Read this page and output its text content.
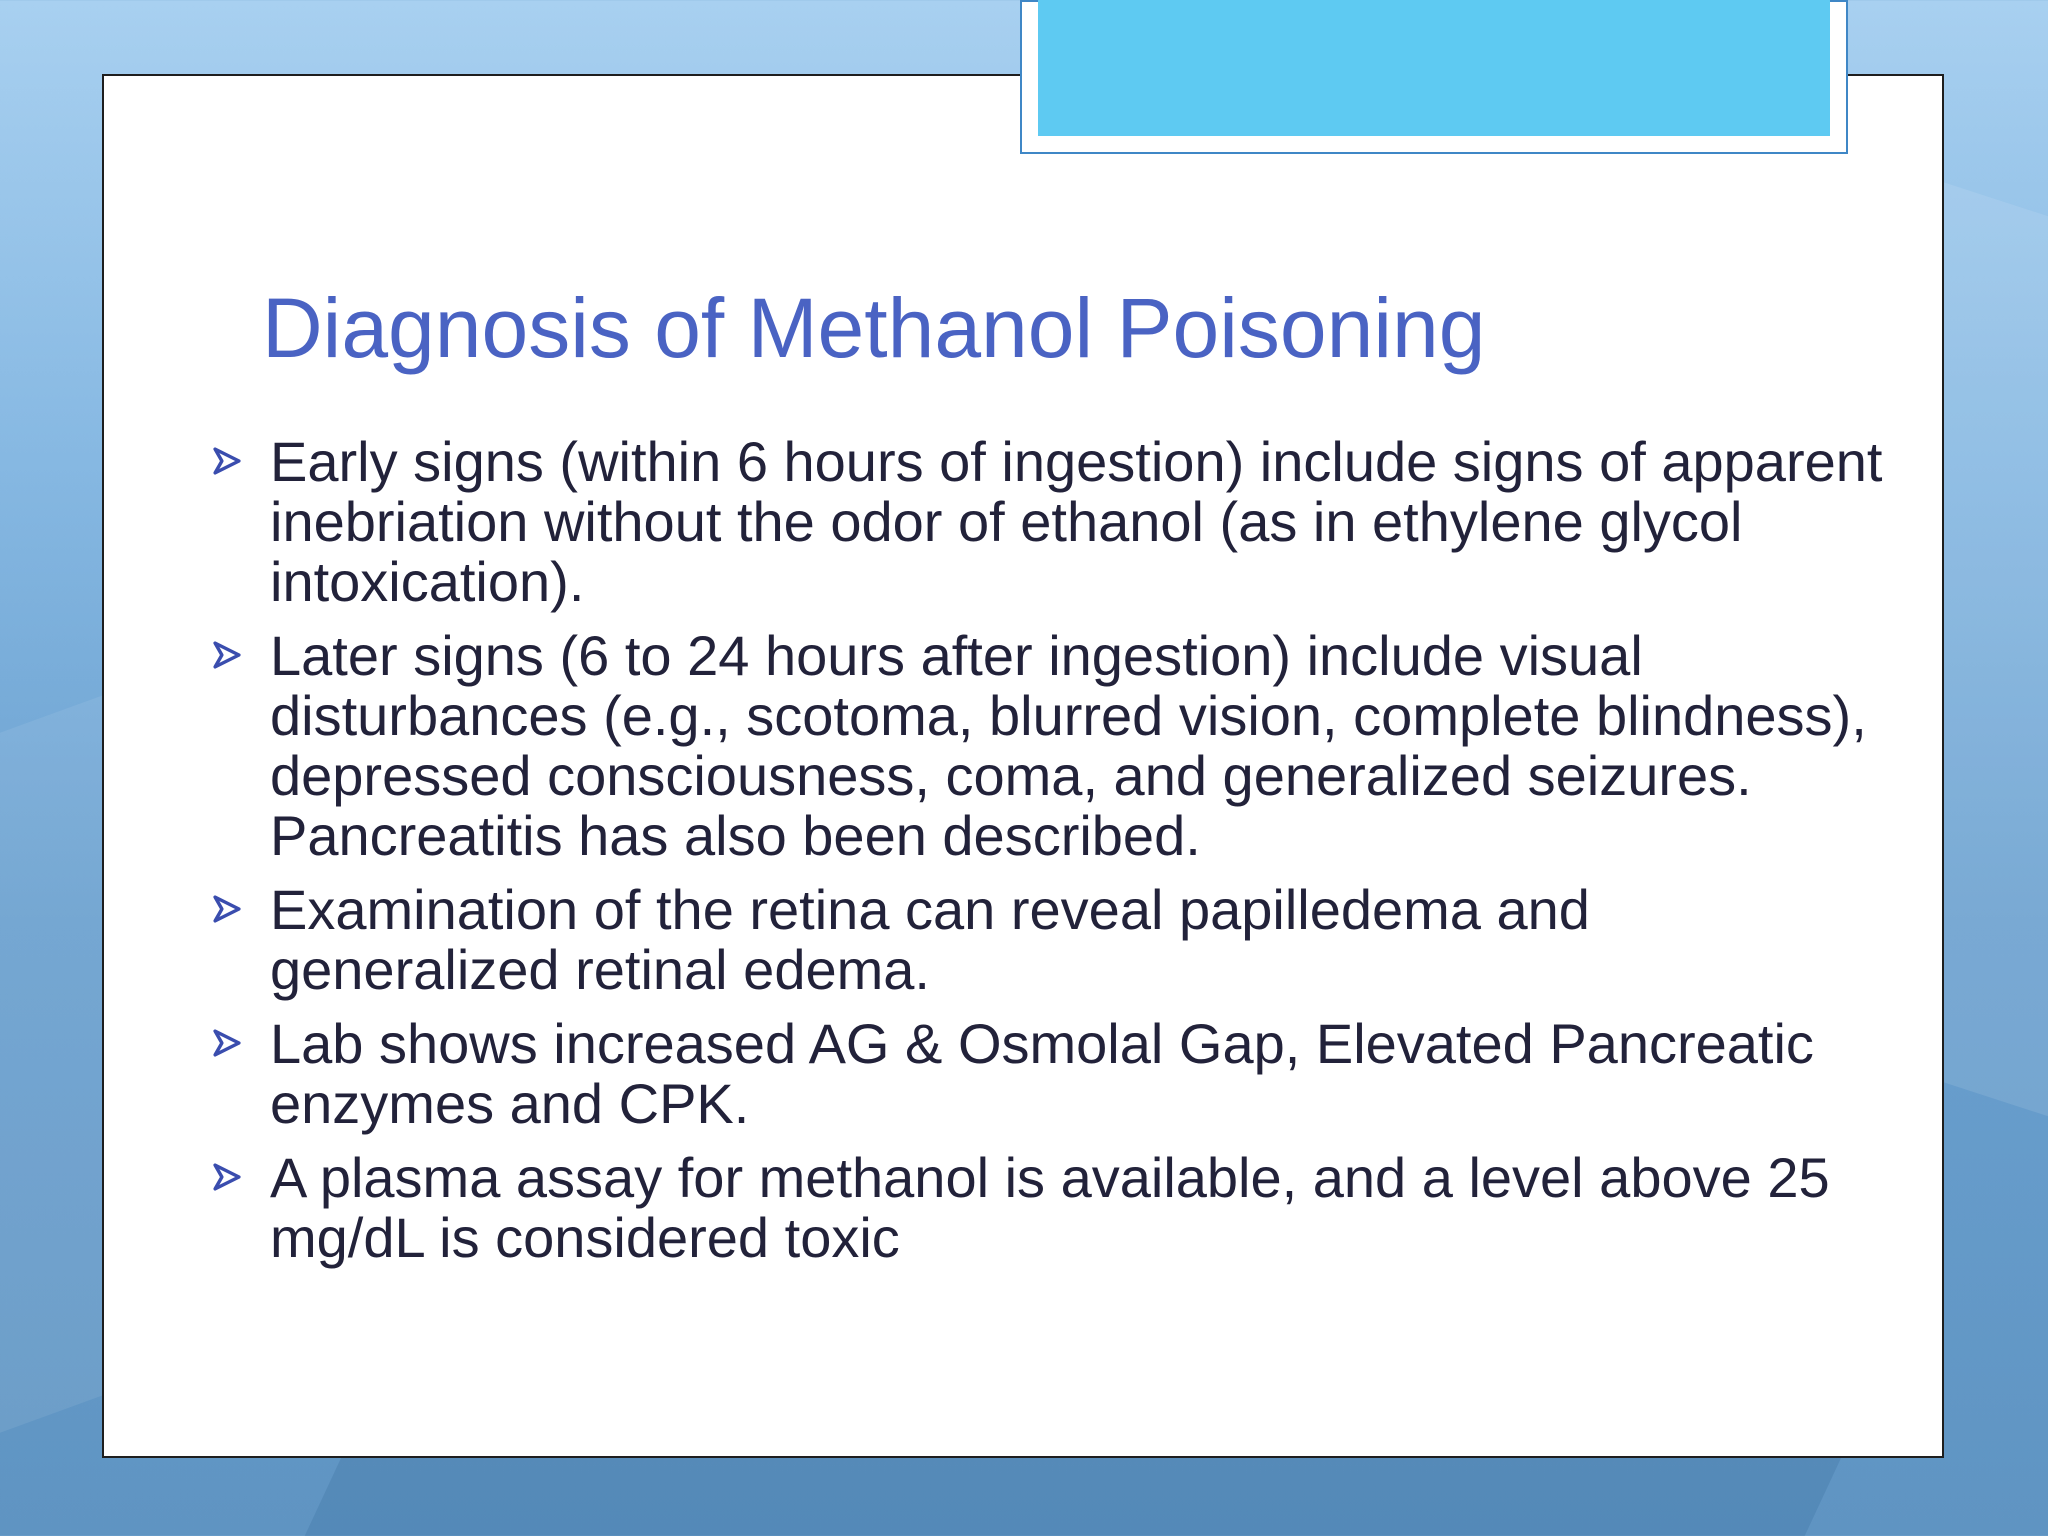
Diagnosis of Methanol Poisoning
Early signs (within 6 hours of ingestion) include signs of apparent inebriation without the odor of ethanol (as in ethylene glycol intoxication).
Later signs (6 to 24 hours after ingestion) include visual disturbances (e.g., scotoma, blurred vision, complete blindness), depressed consciousness, coma, and generalized seizures. Pancreatitis has also been described.
Examination of the retina can reveal papilledema and generalized retinal edema.
Lab shows increased AG & Osmolal Gap, Elevated Pancreatic enzymes and CPK.
A plasma assay for methanol is available, and a level above 25 mg/dL is considered toxic
